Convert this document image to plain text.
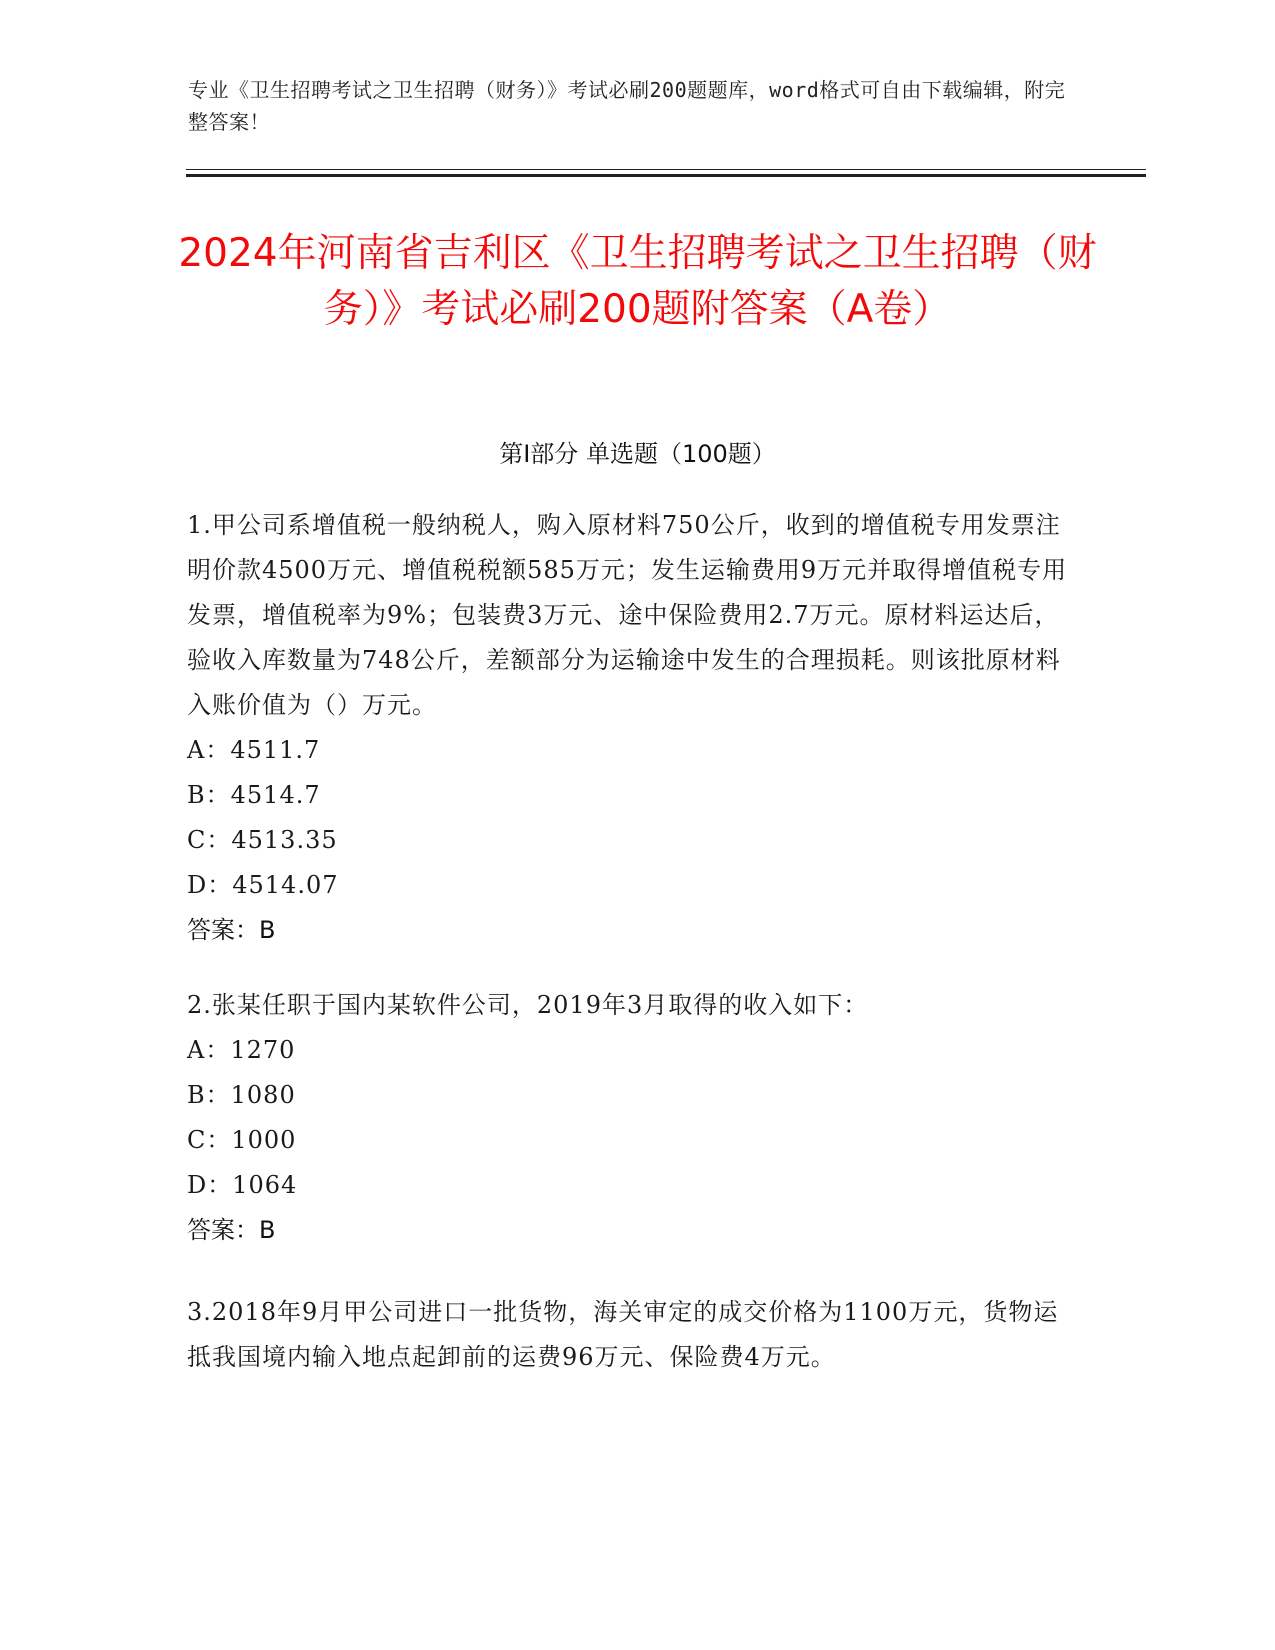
专业《卫生招聘考试之卫生招聘（财务）》考试必刷200题题库，word格式可自由下载编辑，附完整答案！
2024年河南省吉利区《卫生招聘考试之卫生招聘（财务）》考试必刷200题附答案（A卷）
第I部分 单选题（100题）
1.甲公司系增值税一般纳税人，购入原材料750公斤，收到的增值税专用发票注明价款4500万元、增值税税额585万元；发生运输费用9万元并取得增值税专用发票，增值税率为9%；包装费3万元、途中保险费用2.7万元。原材料运达后，验收入库数量为748公斤，差额部分为运输途中发生的合理损耗。则该批原材料入账价值为（）万元。
A：4511.7
B：4514.7
C：4513.35
D：4514.07
答案：B
2.张某任职于国内某软件公司，2019年3月取得的收入如下：
A：1270
B：1080
C：1000
D：1064
答案：B
3.2018年9月甲公司进口一批货物，海关审定的成交价格为1100万元，货物运抵我国境内输入地点起卸前的运费96万元、保险费4万元。
